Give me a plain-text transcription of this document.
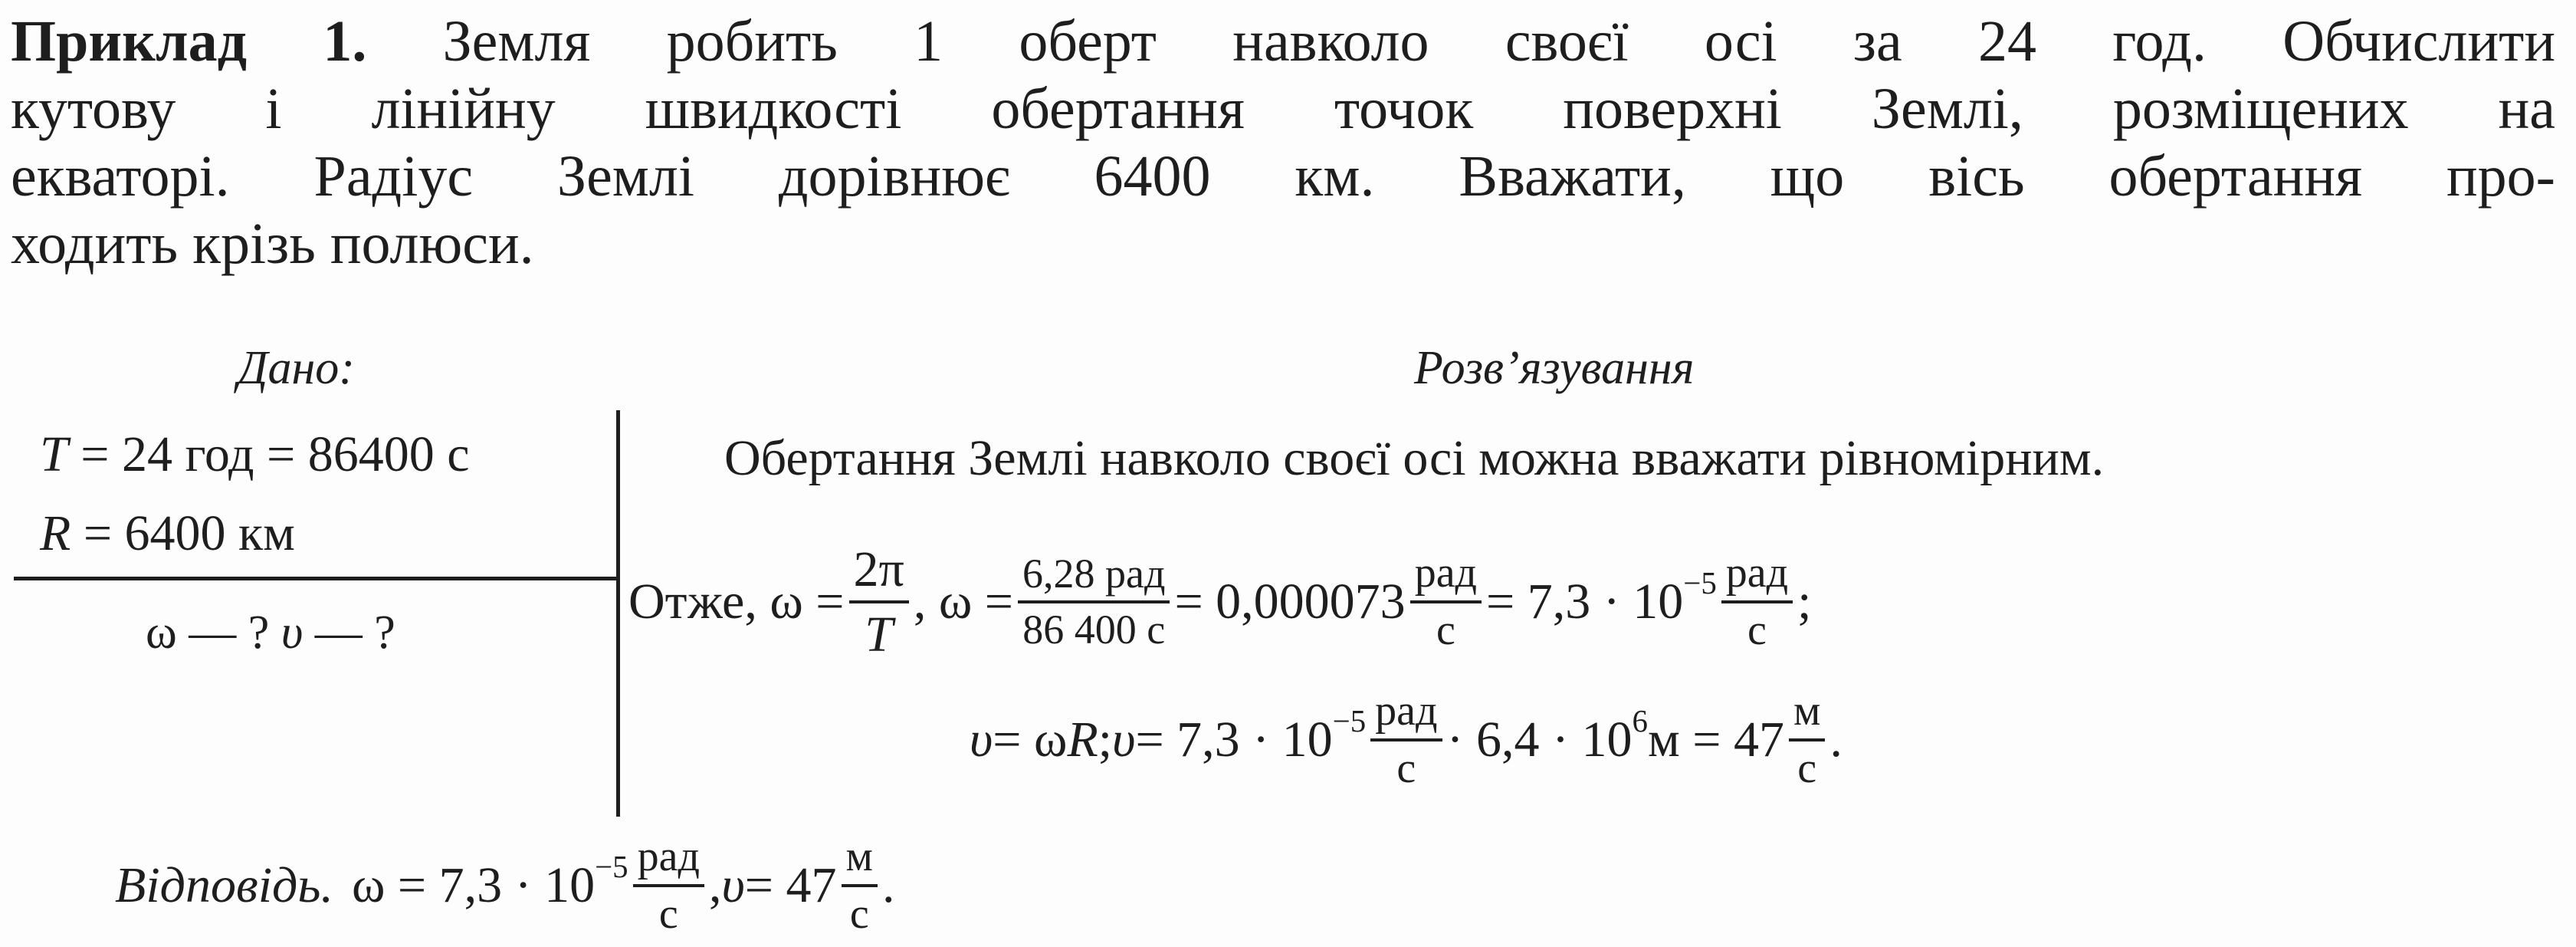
Приклад 1. Земля робить 1 оберт навколо своєї осі за 24 год. Обчислити
кутову і лінійну швидкості обертання точок поверхні Землі, розміщених на
екваторі. Радіус Землі дорівнює 6400 км. Вважати, що вісь обертання про-
ходить крізь полюси.
Дано:	Розв’язування
T = 24 год = 86400 с
R = 6400 км
ω — ? υ — ?
Обертання Землі навколо своєї осі можна вважати рівномірним.
Отже, $\omega = \frac{2\pi}{T}$ , $\omega = \frac{\text{6,28 рад}}{86 400 с} = 0,000073 \frac{\text{рад}}{с} = 7,3 \cdot 10^{-5} \frac{\text{рад}}{с}$ ;
υ = ω R ; $\upsilon = 7,3 \cdot 10^{-5} \frac{\text{рад}}{с} \cdot 6,4 \cdot 10^6$ $м = 47 \frac{м}{с}$ .
Відповідь. $\omega = 7,3 \cdot 10^{-5} \frac{\text{рад}}{с}$ , $\upsilon = 47 \frac{м}{с}$ .
